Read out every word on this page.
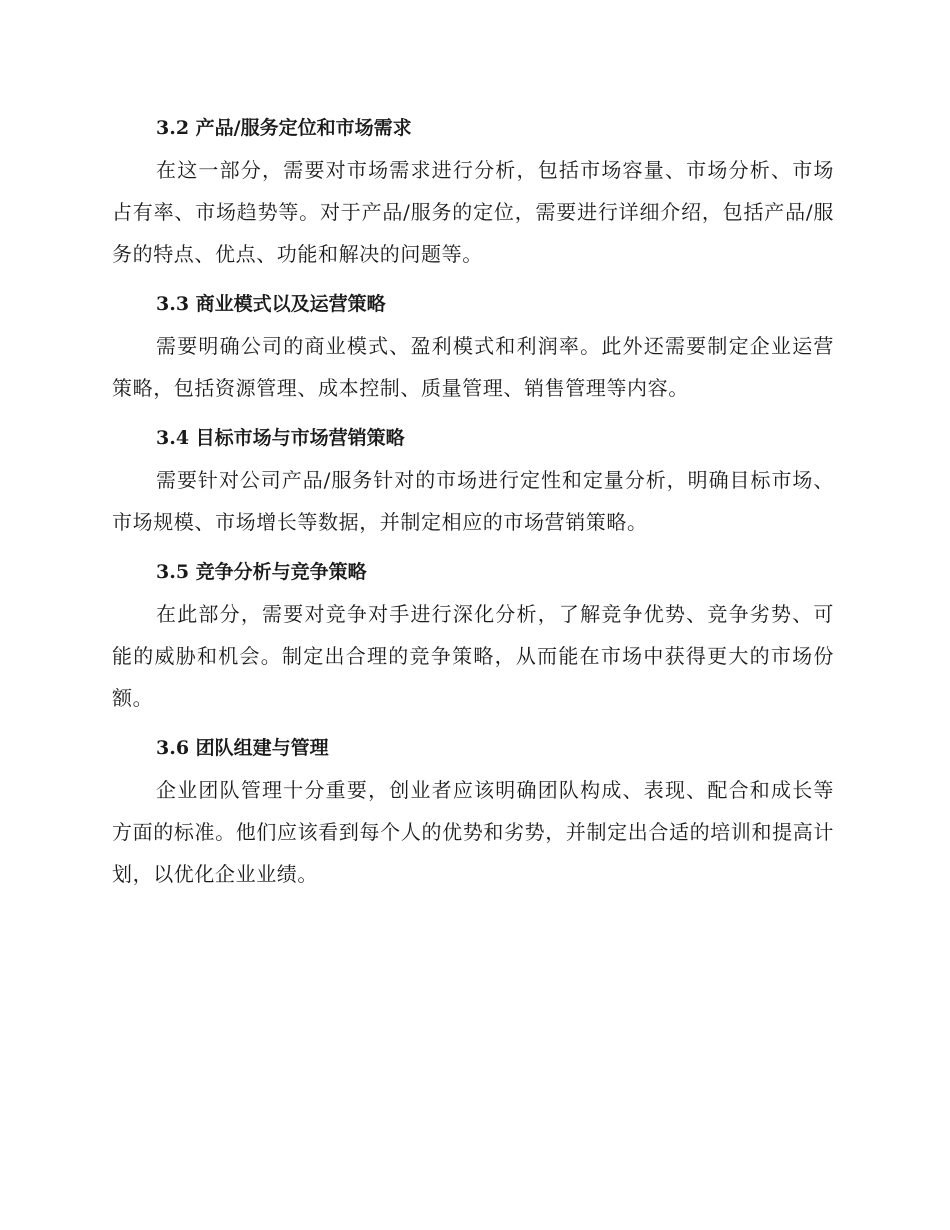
3.2 产品/服务定位和市场需求

在这一部分，需要对市场需求进行分析，包括市场容量、市场分析、市场占有率、市场趋势等。对于产品/服务的定位，需要进行详细介绍，包括产品/服务的特点、优点、功能和解决的问题等。

3.3 商业模式以及运营策略

需要明确公司的商业模式、盈利模式和利润率。此外还需要制定企业运营策略，包括资源管理、成本控制、质量管理、销售管理等内容。

3.4 目标市场与市场营销策略

需要针对公司产品/服务针对的市场进行定性和定量分析，明确目标市场、市场规模、市场增长等数据，并制定相应的市场营销策略。

3.5 竞争分析与竞争策略

在此部分，需要对竞争对手进行深化分析，了解竞争优势、竞争劣势、可能的威胁和机会。制定出合理的竞争策略，从而能在市场中获得更大的市场份额。

3.6 团队组建与管理

企业团队管理十分重要，创业者应该明确团队构成、表现、配合和成长等方面的标准。他们应该看到每个人的优势和劣势，并制定出合适的培训和提高计划，以优化企业业绩。
